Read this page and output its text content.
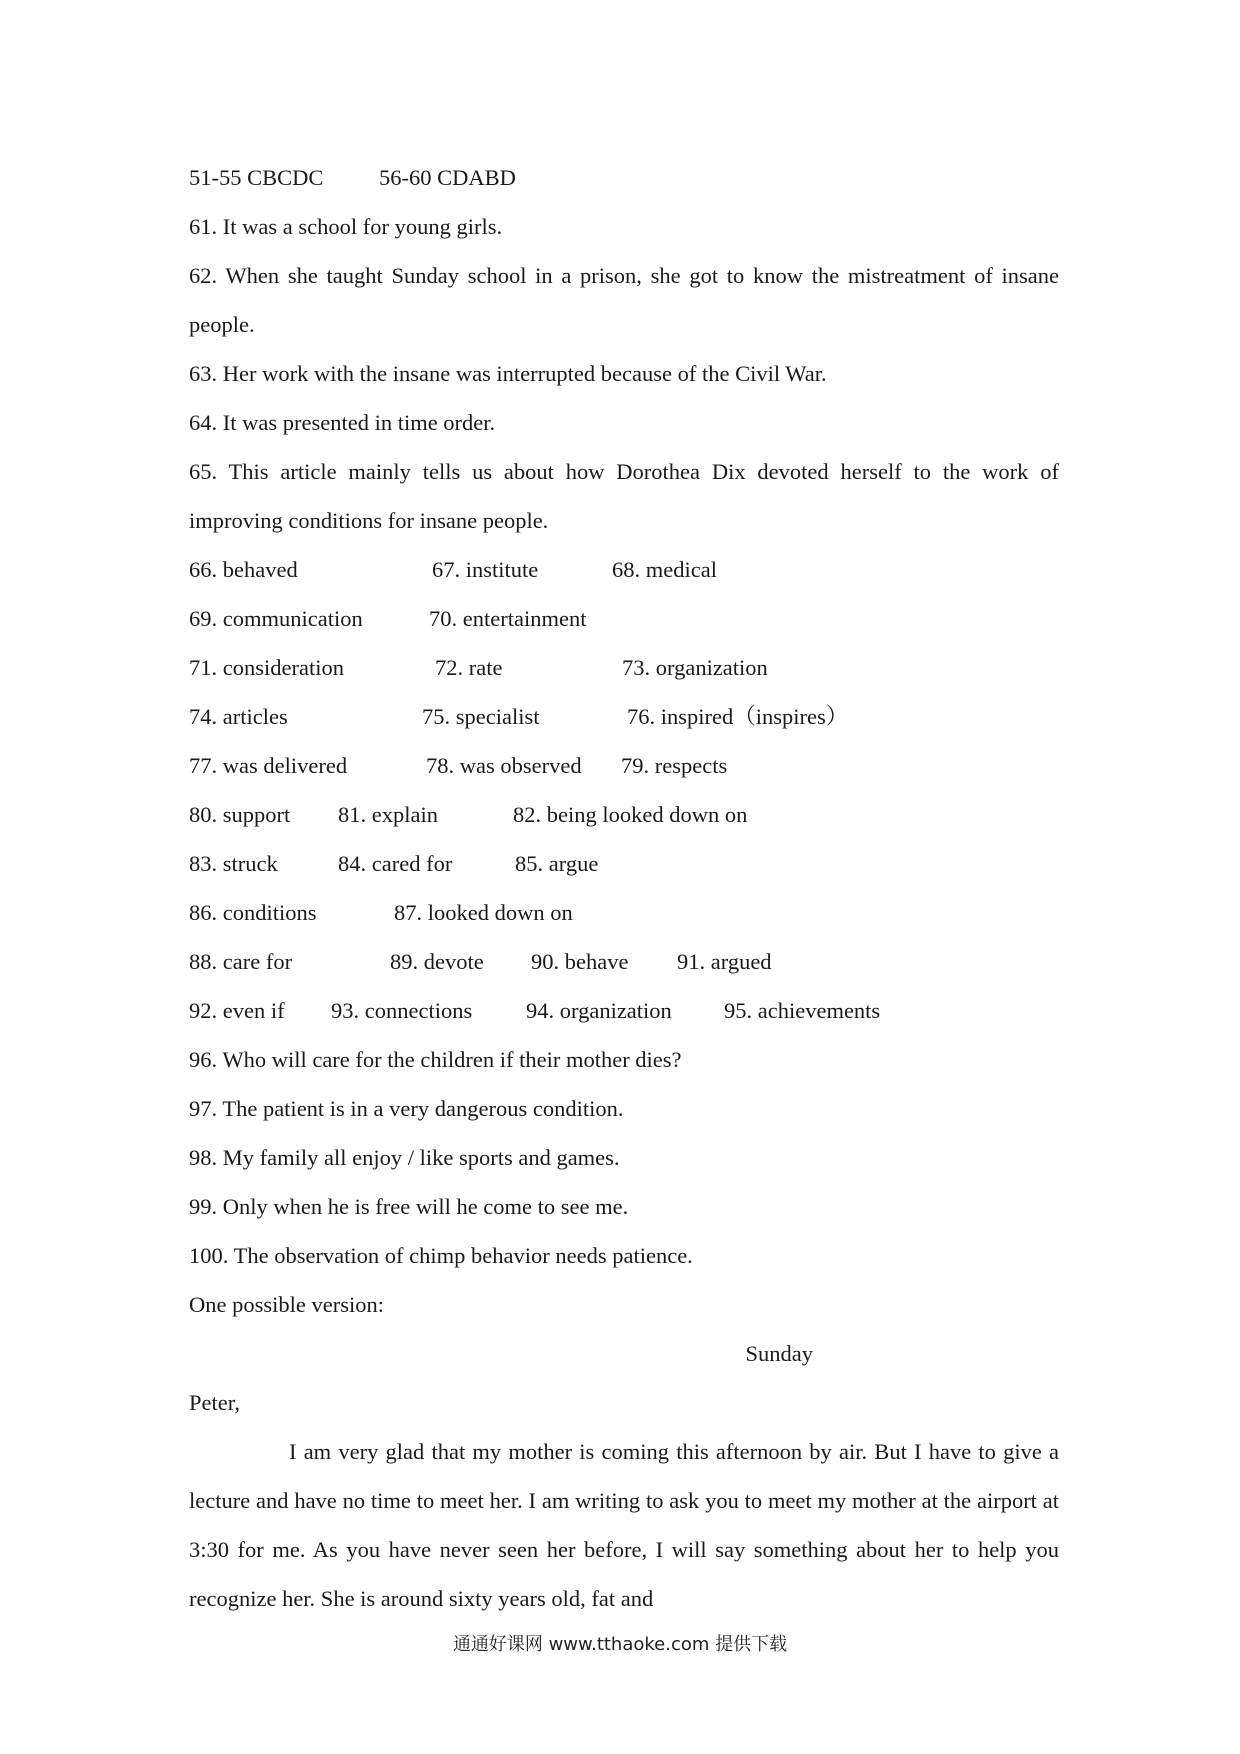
51-55 CBCDC	56-60 CDABD
61. It was a school for young girls.
62. When she taught Sunday school in a prison, she got to know the mistreatment of insane people.
63. Her work with the insane was interrupted because of the Civil War.
64. It was presented in time order.
65. This article mainly tells us about how Dorothea Dix devoted herself to the work of improving conditions for insane people.
66. behaved	67. institute	68. medical
69. communication	70. entertainment
71. consideration	72. rate	73. organization
74. articles	75. specialist	76. inspired（inspires）
77. was delivered	78. was observed	79. respects
80. support	81. explain	82. being looked down on
83. struck	84. cared for	85. argue
86. conditions	87. looked down on
88. care for	89. devote	90. behave	91. argued
92. even if	93. connections	94. organization	95. achievements
96. Who will care for the children if their mother dies?
97. The patient is in a very dangerous condition.
98. My family all enjoy / like sports and games.
99. Only when he is free will he come to see me.
100. The observation of chimp behavior needs patience.
One possible version:
Sunday
Peter,
I am very glad that my mother is coming this afternoon by air. But I have to give a lecture and have no time to meet her. I am writing to ask you to meet my mother at the airport at 3:30 for me. As you have never seen her before, I will say something about her to help you recognize her. She is around sixty years old, fat and
通通好课网 www.tthaoke.com 提供下载
